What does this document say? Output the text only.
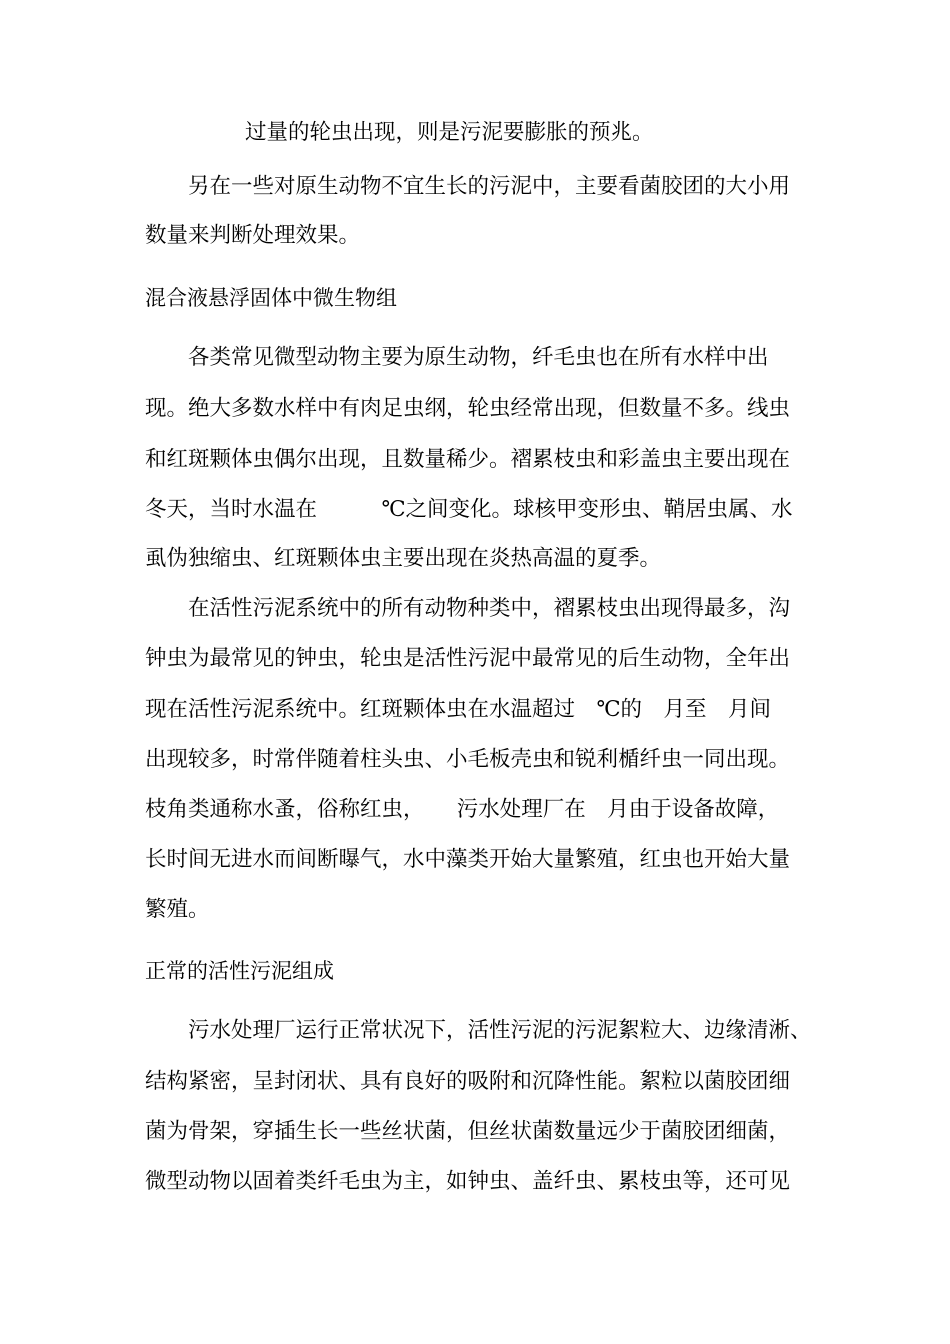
过量的轮虫出现，则是污泥要膨胀的预兆。

另在一些对原生动物不宜生长的污泥中，主要看菌胶团的大小用

数量来判断处理效果。

混合液悬浮固体中微生物组

各类常见微型动物主要为原生动物，纤毛虫也在所有水样中出

现。绝大多数水样中有肉足虫纲，轮虫经常出现，但数量不多。线虫

和红斑颗体虫偶尔出现，且数量稀少。褶累枝虫和彩盖虫主要出现在

冬天，当时水温在　　　℃之间变化。球核甲变形虫、鞘居虫属、水

虱伪独缩虫、红斑颗体虫主要出现在炎热高温的夏季。

在活性污泥系统中的所有动物种类中，褶累枝虫出现得最多，沟

钟虫为最常见的钟虫，轮虫是活性污泥中最常见的后生动物，全年出

现在活性污泥系统中。红斑颗体虫在水温超过　℃的　月至　月间

出现较多，时常伴随着柱头虫、小毛板壳虫和锐利楯纤虫一同出现。

枝角类通称水蚤，俗称红虫，　　污水处理厂在　月由于设备故障，

长时间无进水而间断曝气，水中藻类开始大量繁殖，红虫也开始大量

繁殖。

正常的活性污泥组成

污水处理厂运行正常状况下，活性污泥的污泥絮粒大、边缘清淅、

结构紧密，呈封闭状、具有良好的吸附和沉降性能。絮粒以菌胶团细

菌为骨架，穿插生长一些丝状菌，但丝状菌数量远少于菌胶团细菌，

微型动物以固着类纤毛虫为主，如钟虫、盖纤虫、累枝虫等，还可见
